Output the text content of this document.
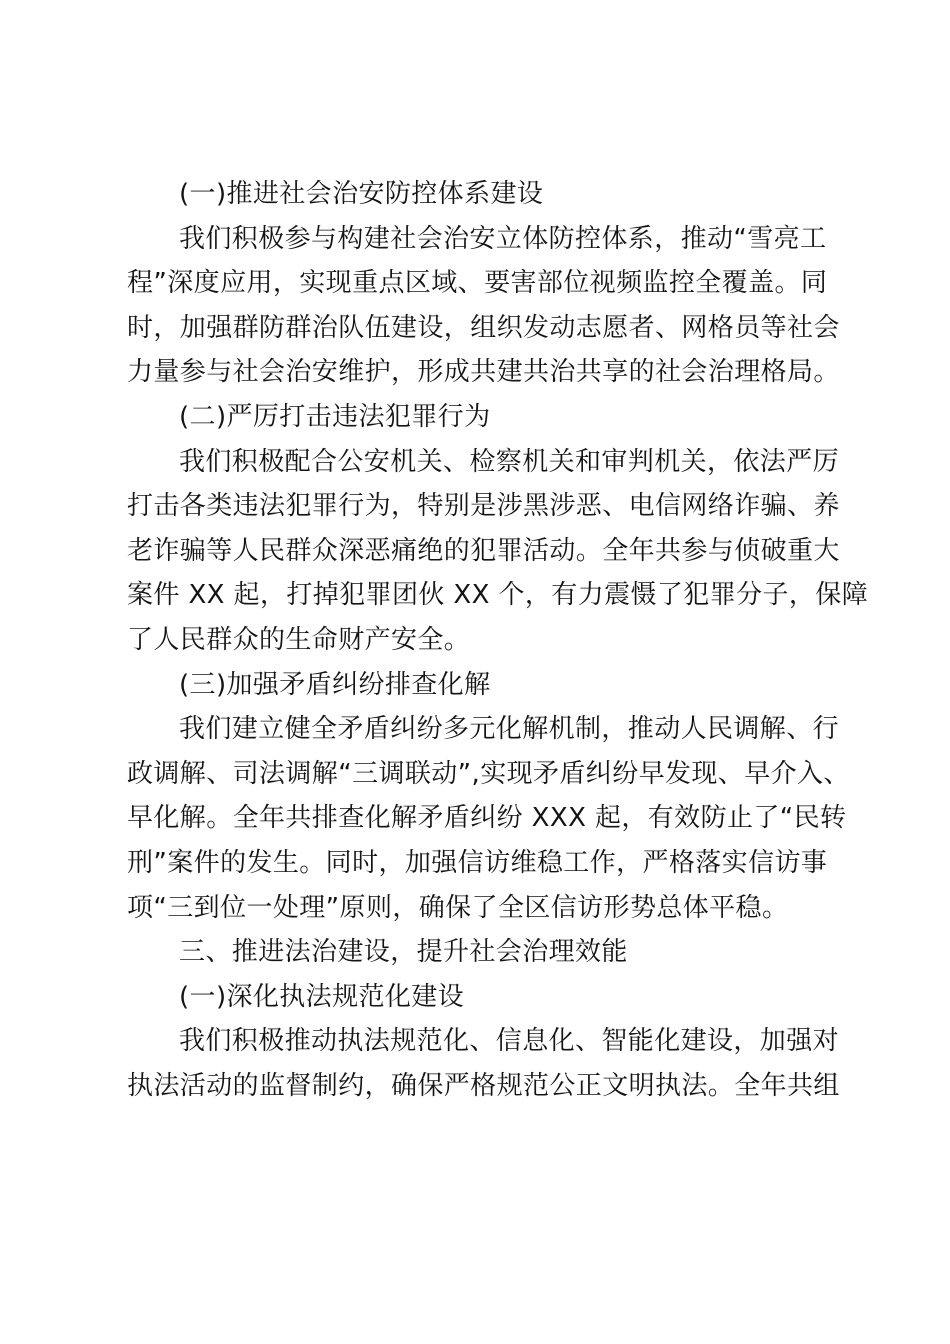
(一)推进社会治安防控体系建设
我们积极参与构建社会治安立体防控体系，推动“雪亮工
程”深度应用，实现重点区域、要害部位视频监控全覆盖。同
时，加强群防群治队伍建设，组织发动志愿者、网格员等社会
力量参与社会治安维护，形成共建共治共享的社会治理格局。
(二)严厉打击违法犯罪行为
我们积极配合公安机关、检察机关和审判机关，依法严厉
打击各类违法犯罪行为，特别是涉黑涉恶、电信网络诈骗、养
老诈骗等人民群众深恶痛绝的犯罪活动。全年共参与侦破重大
案件 XX 起，打掉犯罪团伙 XX 个，有力震慑了犯罪分子，保障
了人民群众的生命财产安全。
(三)加强矛盾纠纷排查化解
我们建立健全矛盾纠纷多元化解机制，推动人民调解、行
政调解、司法调解“三调联动”,实现矛盾纠纷早发现、早介入、
早化解。全年共排查化解矛盾纠纷 XXX 起，有效防止了“民转
刑”案件的发生。同时，加强信访维稳工作，严格落实信访事
项“三到位一处理”原则，确保了全区信访形势总体平稳。
三、推进法治建设，提升社会治理效能
(一)深化执法规范化建设
我们积极推动执法规范化、信息化、智能化建设，加强对
执法活动的监督制约，确保严格规范公正文明执法。全年共组
